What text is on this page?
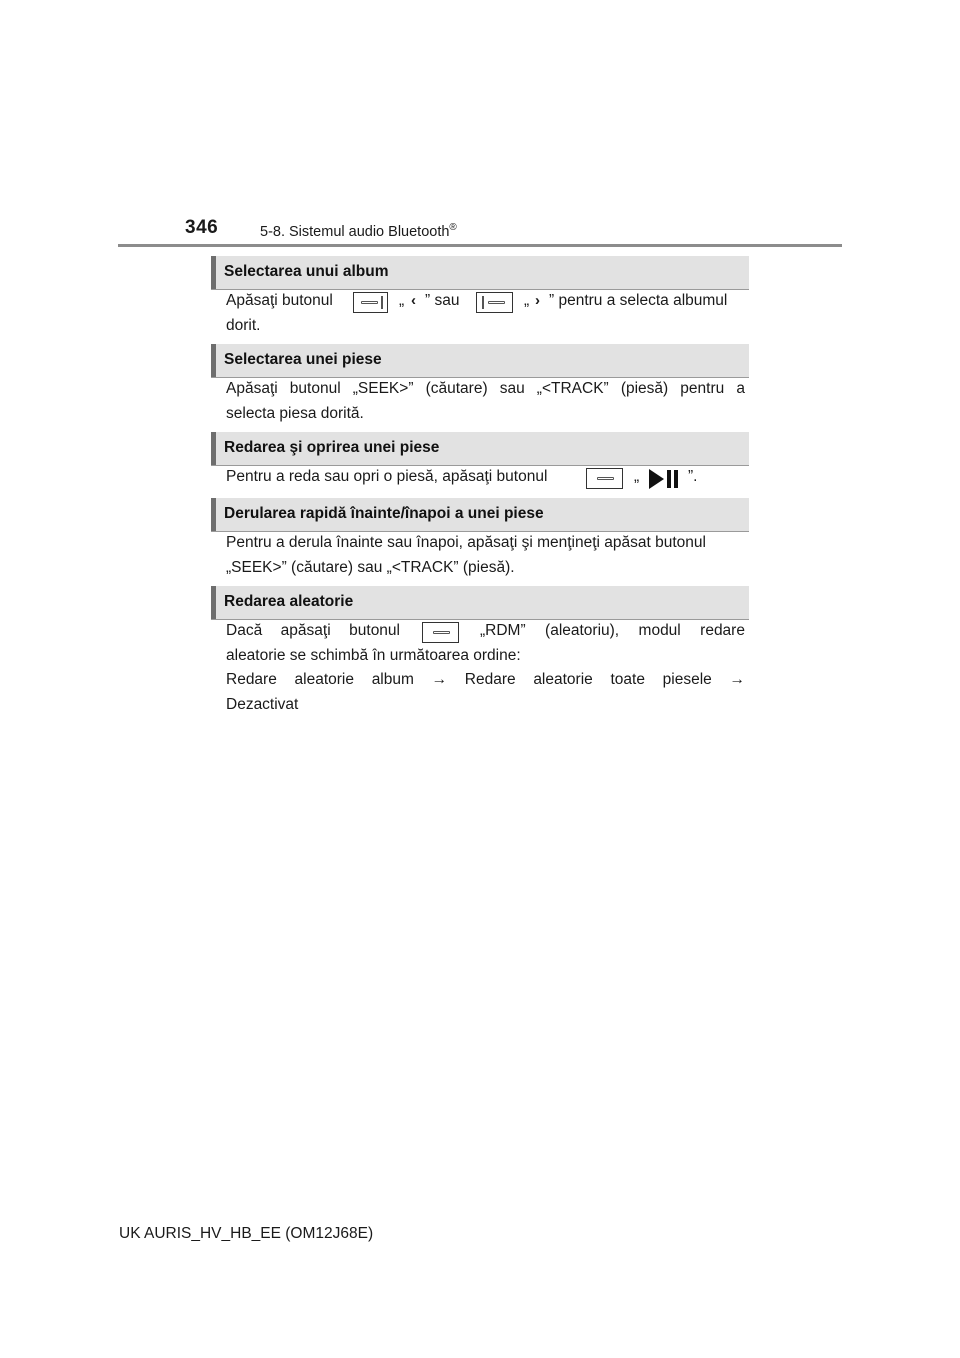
346	5-8. Sistemul audio Bluetooth®
Selectarea unui album
Apăsaţi butonul	„ ‹ ” sau	„ › ” pentru a selecta albumul
dorit.
Selectarea unei piese
Apăsaţi butonul „SEEK>” (căutare) sau „<TRACK” (piesă) pentru a
selecta piesa dorită.
Redarea şi oprirea unei piese
Pentru a reda sau opri o piesă, apăsaţi butonul	„	”.
Derularea rapidă înainte/înapoi a unei piese
Pentru a derula înainte sau înapoi, apăsaţi şi menţineţi apăsat butonul
„SEEK>” (căutare) sau „<TRACK” (piesă).
Redarea aleatorie
Dacă apăsaţi butonul	„RDM” (aleatoriu), modul redare
aleatorie se schimbă în următoarea ordine:
Redare aleatorie album → Redare aleatorie toate piesele →
Dezactivat
UK AURIS_HV_HB_EE (OM12J68E)
